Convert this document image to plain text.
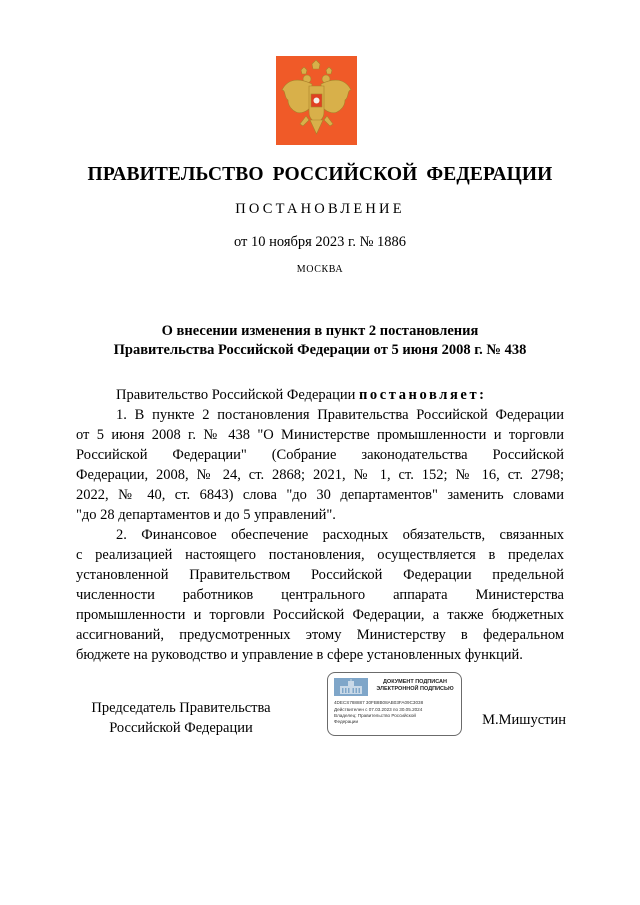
ПРАВИТЕЛЬСТВО РОССИЙСКОЙ ФЕДЕРАЦИИ
ПОСТАНОВЛЕНИЕ
от 10 ноября 2023 г. № 1886
МОСКВА
О внесении изменения в пункт 2 постановления
Правительства Российской Федерации от 5 июня 2008 г. № 438
Правительство Российской Федерации постановляет:
1. В пункте 2 постановления Правительства Российской Федерации
от 5 июня 2008 г. № 438 "О Министерстве промышленности и торговли
Российской Федерации" (Собрание законодательства Российской
Федерации, 2008, № 24, ст. 2868; 2021, № 1, ст. 152; № 16, ст. 2798;
2022, № 40, ст. 6843) слова "до 30 департаментов" заменить словами
"до 28 департаментов и до 5 управлений".
2. Финансовое обеспечение расходных обязательств, связанных
с реализацией настоящего постановления, осуществляется в пределах
установленной Правительством Российской Федерации предельной
численности работников центрального аппарата Министерства
промышленности и торговли Российской Федерации, а также бюджетных
ассигнований, предусмотренных этому Министерству в федеральном
бюджете на руководство и управление в сфере установленных функций.
Председатель Правительства
Российской Федерации
ДОКУМЕНТ ПОДПИСАН
ЭЛЕКТРОННОЙ ПОДПИСЬЮ
4DECS788887 30FB8B08AB03FA09C3038
Действителен с 07.03.2023 по 30.05.2024
Владелец: Правительство Российской
Федерации	М.Мишустин
